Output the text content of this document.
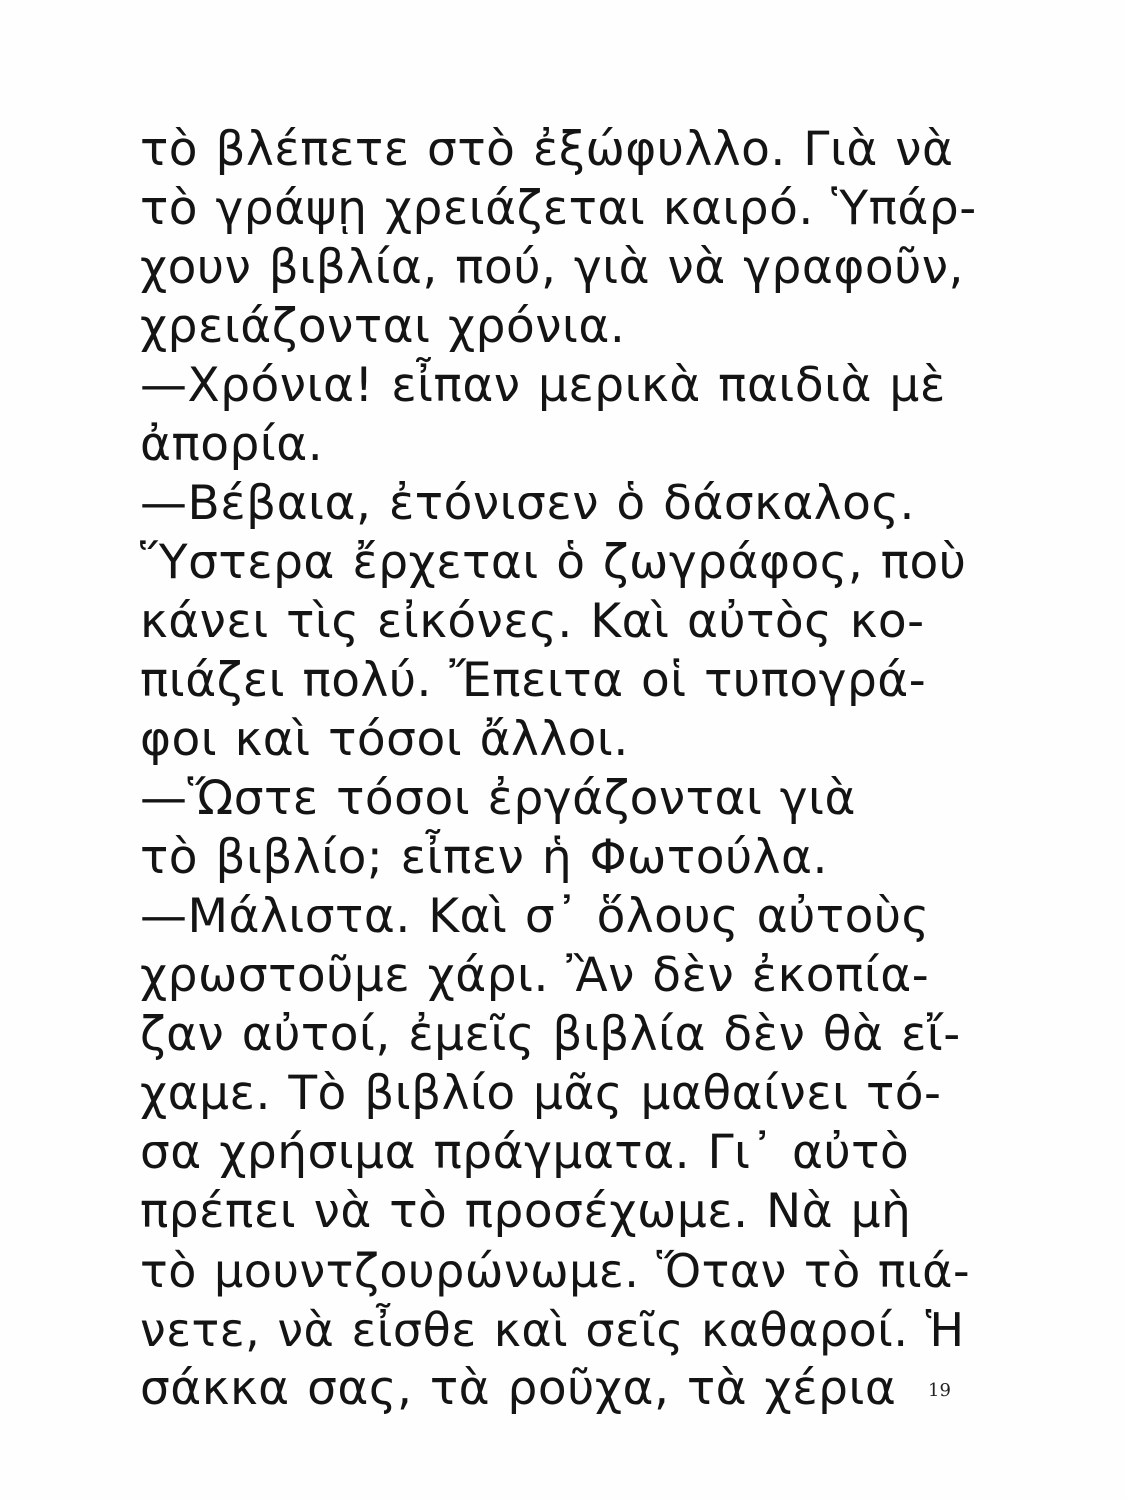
τὸ βλέπετε στὸ ἐξώφυλλο. Γιὰ νὰ
τὸ γράψῃ χρειάζεται καιρό. Ὑπάρ-
χουν βιβλία, πού, γιὰ νὰ γραφοῦν,
χρειάζονται χρόνια.
—Χρόνια! εἶπαν μερικὰ παιδιὰ μὲ
ἀπορία.
—Βέβαια, ἐτόνισεν ὁ δάσκαλος.
Ὕστερα ἔρχεται ὁ ζωγράφος, ποὺ
κάνει τὶς εἰκόνες. Καὶ αὐτὸς κο-
πιάζει πολύ. Ἔπειτα οἱ τυπογρά-
φοι καὶ τόσοι ἄλλοι.
—Ὥστε τόσοι ἐργάζονται γιὰ
τὸ βιβλίο; εἶπεν ἡ Φωτούλα.
—Μάλιστα. Καὶ σ᾽ ὅλους αὐτοὺς
χρωστοῦμε χάρι. Ἂν δὲν ἐκοπία-
ζαν αὐτοί, ἐμεῖς βιβλία δὲν θὰ εἴ-
χαμε. Τὸ βιβλίο μᾶς μαθαίνει τό-
σα χρήσιμα πράγματα. Γι᾽ αὐτὸ
πρέπει νὰ τὸ προσέχωμε. Νὰ μὴ
τὸ μουντζουρώνωμε. Ὅταν τὸ πιά-
νετε, νὰ εἶσθε καὶ σεῖς καθαροί. Ἡ
σάκκα σας, τὰ ροῦχα, τὰ χέρια	19
